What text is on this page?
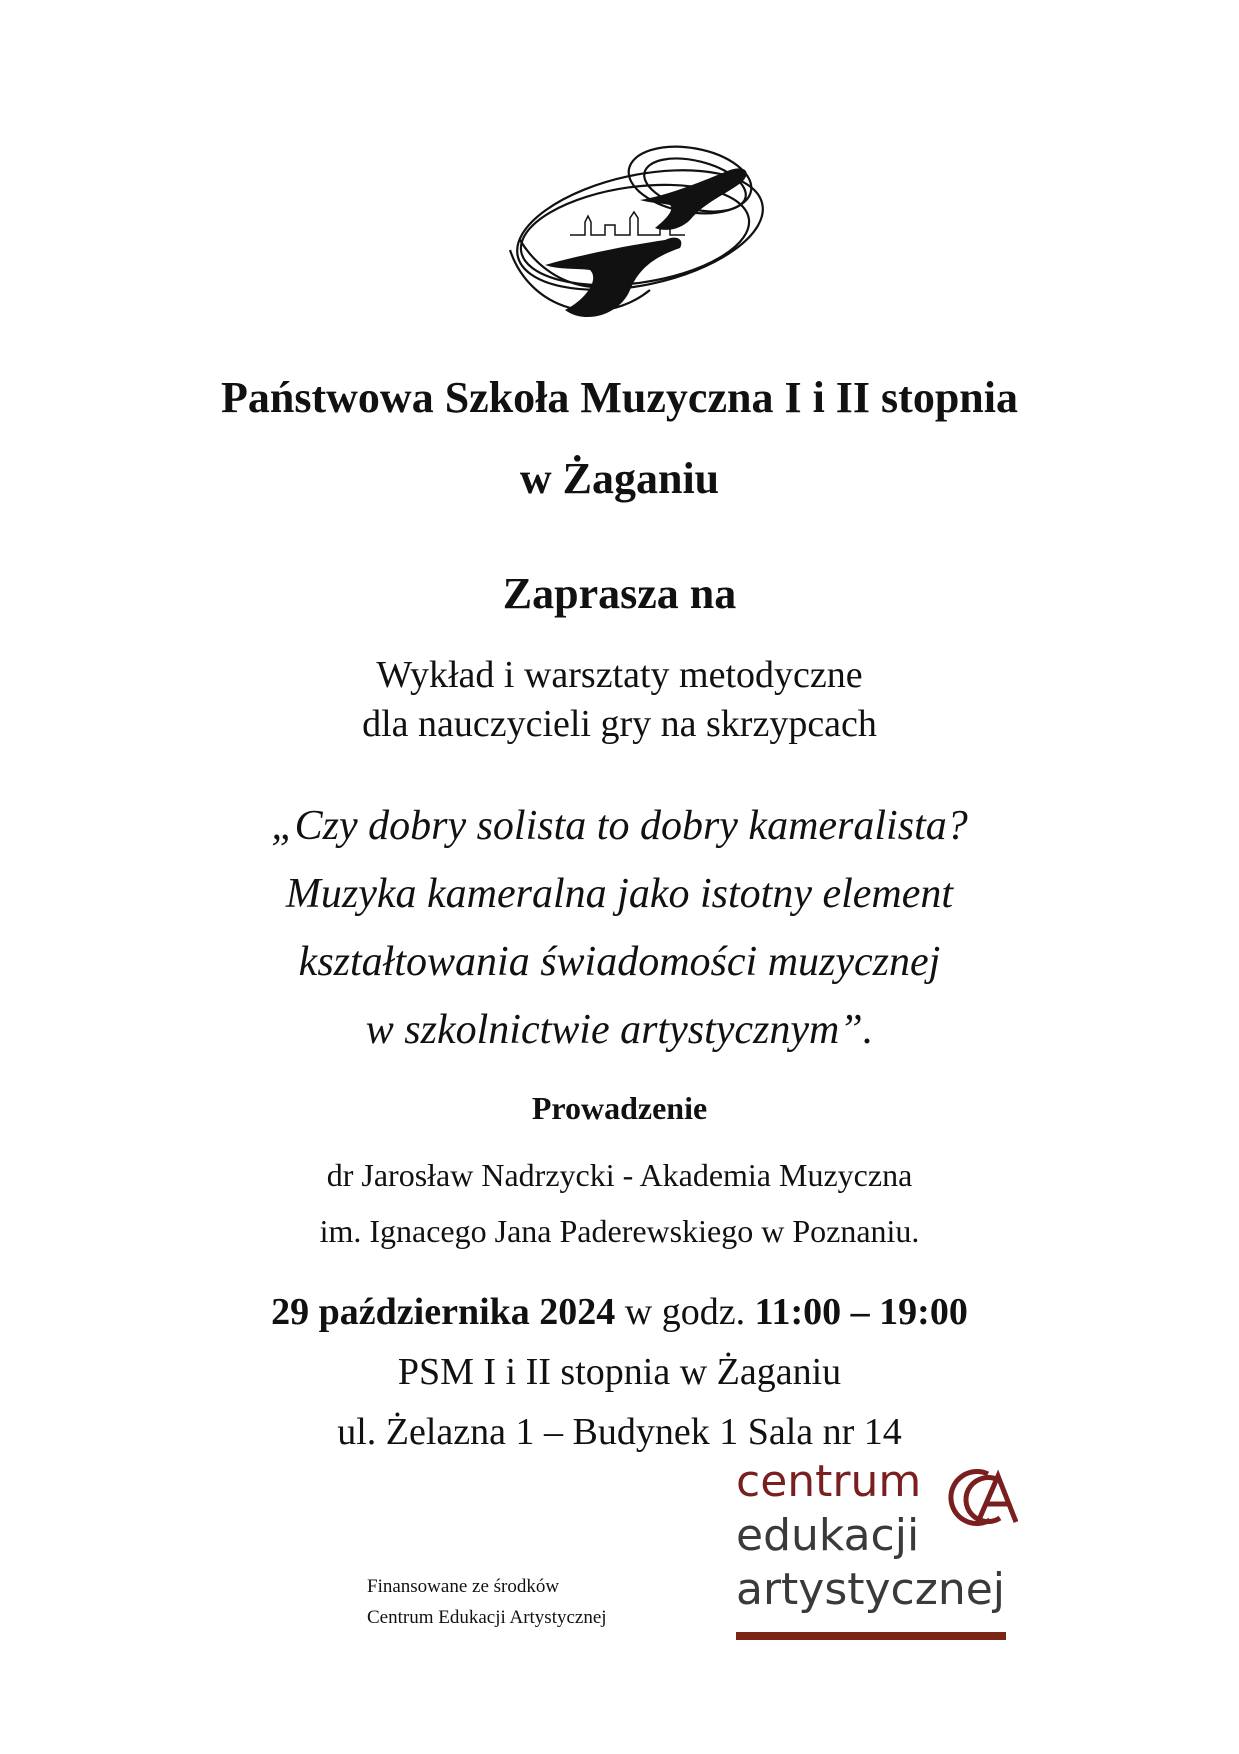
Państwowa Szkoła Muzyczna I i II stopnia
w Żaganiu
Zaprasza na
Wykład i warsztaty metodyczne
dla nauczycieli gry na skrzypcach
„Czy dobry solista to dobry kameralista?
Muzyka kameralna jako istotny element
kształtowania świadomości muzycznej
w szkolnictwie artystycznym”.
Prowadzenie
dr Jarosław Nadrzycki - Akademia Muzyczna
im. Ignacego Jana Paderewskiego w Poznaniu.
29 października 2024 w godz. 11:00 – 19:00
PSM I i II stopnia w Żaganiu
ul. Żelazna 1 – Budynek 1 Sala nr 14
Finansowane ze środków
Centrum Edukacji Artystycznej
centrum
edukacji
artystycznej
